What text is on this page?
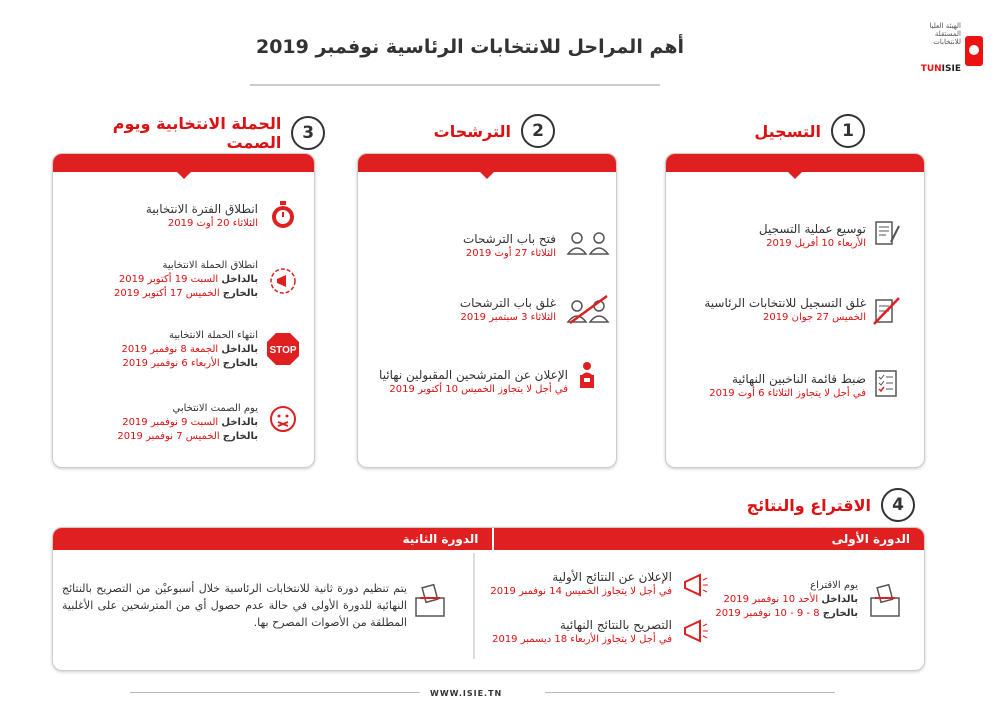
أهم المراحل للانتخابات الرئاسية نوفمبر 2019
الهيئة العليا المستقلة للانتخابات
TUNISIE
1
التسجيل
2
الترشحات
3
الحملة الانتخابية ويوم الصمت
توسيع عملية التسجيل
الأربعاء 10 أفريل 2019
غلق التسجيل للانتخابات الرئاسية
الخميس 27 جوان 2019
ضبط قائمة الناخبين النهائية
في أجل لا يتجاوز الثلاثاء 6 أوت 2019
فتح باب الترشحات
الثلاثاء 27 أوت 2019
غلق باب الترشحات
الثلاثاء 3 سبتمبر 2019
الإعلان عن المترشحين المقبولين نهائيا
في أجل لا يتجاوز الخميس 10 أكتوبر 2019
انطلاق الفترة الانتخابية
الثلاثاء 20 أوت 2019
انطلاق الحملة الانتخابية
بالداخل السبت 19 أكتوبر 2019
بالخارج الخميس 17 أكتوبر 2019
انتهاء الحملة الانتخابية
بالداخل الجمعة 8 نوفمبر 2019
بالخارج الأربعاء 6 نوفمبر 2019
STOP
يوم الصمت الانتخابي
بالداخل السبت 9 نوفمبر 2019
بالخارج الخميس 7 نوفمبر 2019
4
الاقتراع والنتائج
الدورة الأولى
الدورة الثانية
يوم الاقتراع
بالداخل الأحد 10 نوفمبر 2019
بالخارج 8 - 9 - 10 نوفمبر 2019
الإعلان عن النتائج الأولية
في أجل لا يتجاوز الخميس 14 نوفمبر 2019
التصريح بالنتائج النهائية
في أجل لا يتجاوز الأربعاء 18 ديسمبر 2019
يتم تنظيم دورة ثانية للانتخابات الرئاسية خلال أسبوعيْن من التصريح بالنتائج النهائية للدورة الأولى في حالة عدم حصول أي من المترشحين على الأغلبية المطلقة من الأصوات المصرح بها.
WWW.ISIE.TN
